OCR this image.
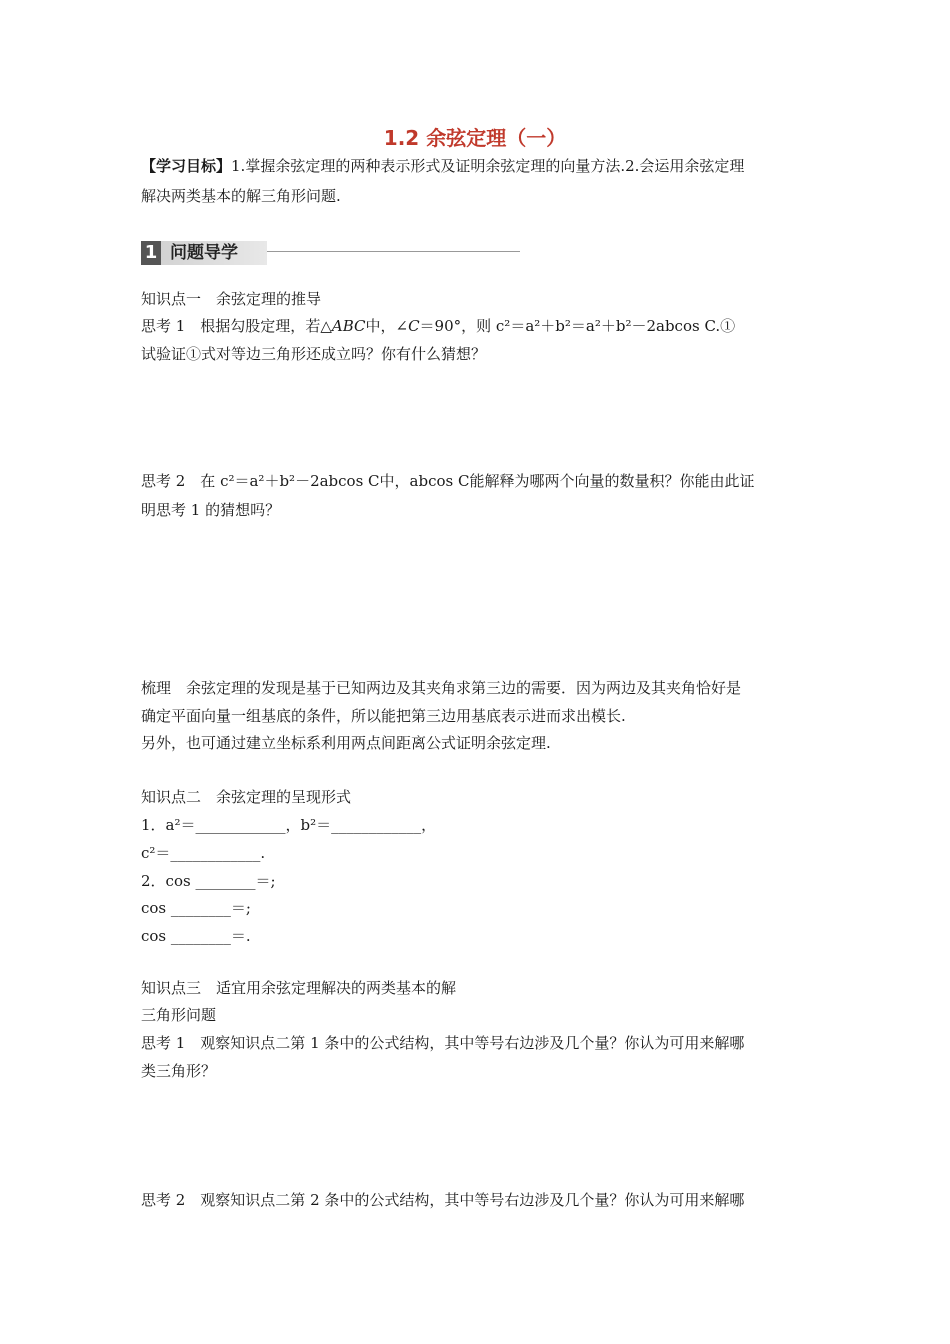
1.2 余弦定理（一）
【学习目标】1.掌握余弦定理的两种表示形式及证明余弦定理的向量方法.2.会运用余弦定理
解决两类基本的解三角形问题.
1 问题导学
知识点一　余弦定理的推导
思考 1　根据勾股定理，若△ABC中，∠C＝90°，则 c²＝a²＋b²＝a²＋b²－2abcos C.①
试验证①式对等边三角形还成立吗？你有什么猜想？
思考 2　在 c²＝a²＋b²－2abcos C中，abcos C能解释为哪两个向量的数量积？你能由此证
明思考 1 的猜想吗？
梳理　余弦定理的发现是基于已知两边及其夹角求第三边的需要．因为两边及其夹角恰好是
确定平面向量一组基底的条件，所以能把第三边用基底表示进而求出模长.
另外，也可通过建立坐标系利用两点间距离公式证明余弦定理.
知识点二　余弦定理的呈现形式
1．a²＝____________，b²＝____________，
c²＝____________.
2．cos ________＝;
cos ________＝;
cos ________＝.
知识点三　适宜用余弦定理解决的两类基本的解
三角形问题
思考 1　观察知识点二第 1 条中的公式结构，其中等号右边涉及几个量？你认为可用来解哪
类三角形？
思考 2　观察知识点二第 2 条中的公式结构，其中等号右边涉及几个量？你认为可用来解哪
